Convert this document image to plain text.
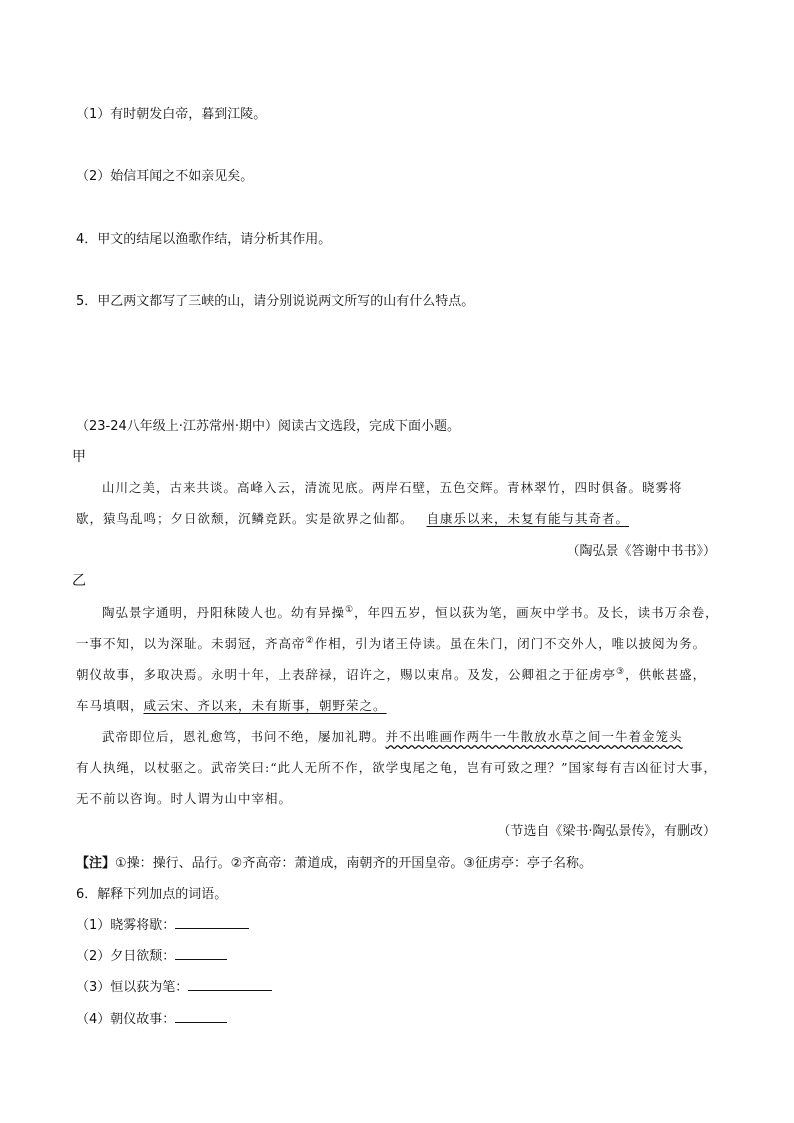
（1）有时朝发白帝，暮到江陵。
（2）始信耳闻之不如亲见矣。
4．甲文的结尾以渔歌作结，请分析其作用。
5．甲乙两文都写了三峡的山，请分别说说两文所写的山有什么特点。
（23-24八年级上·江苏常州·期中）阅读古文选段，完成下面小题。
甲
山川之美，古来共谈。高峰入云，清流见底。两岸石壁，五色交辉。青林翠竹，四时俱备。晓雾将
歇，猿鸟乱鸣；夕日欲颓，沉鳞竞跃。实是欲界之仙都。 自康乐以来，未复有能与其奇者。
（陶弘景《答谢中书书》）
乙
陶弘景字通明，丹阳秣陵人也。幼有异操①，年四五岁，恒以荻为笔，画灰中学书。及长，读书万余卷，
一事不知，以为深耻。未弱冠，齐高帝②作相，引为诸王侍读。虽在朱门，闭门不交外人，唯以披阅为务。
朝仪故事，多取决焉。永明十年，上表辞禄，诏许之，赐以束帛。及发，公卿祖之于征虏亭③，供帐甚盛，
车马填咽，咸云宋、齐以来，未有斯事，朝野荣之。
武帝即位后，恩礼愈笃，书问不绝，屡加礼聘。并不出唯画作两牛一牛散放水草之间一牛着金笼头
有人执绳，以杖驱之。武帝笑曰:“此人无所不作，欲学曳尾之龟，岂有可致之理？”国家每有吉凶征讨大事，
无不前以咨询。时人谓为山中宰相。
（节选自《梁书·陶弘景传》，有删改）
【注】①操：操行、品行。②齐高帝：萧道成，南朝齐的开国皇帝。③征虏亭：亭子名称。
6．解释下列加点的词语。
（1）晓雾将歇：
（2）夕日欲颓：
（3）恒以荻为笔：
（4）朝仪故事：
